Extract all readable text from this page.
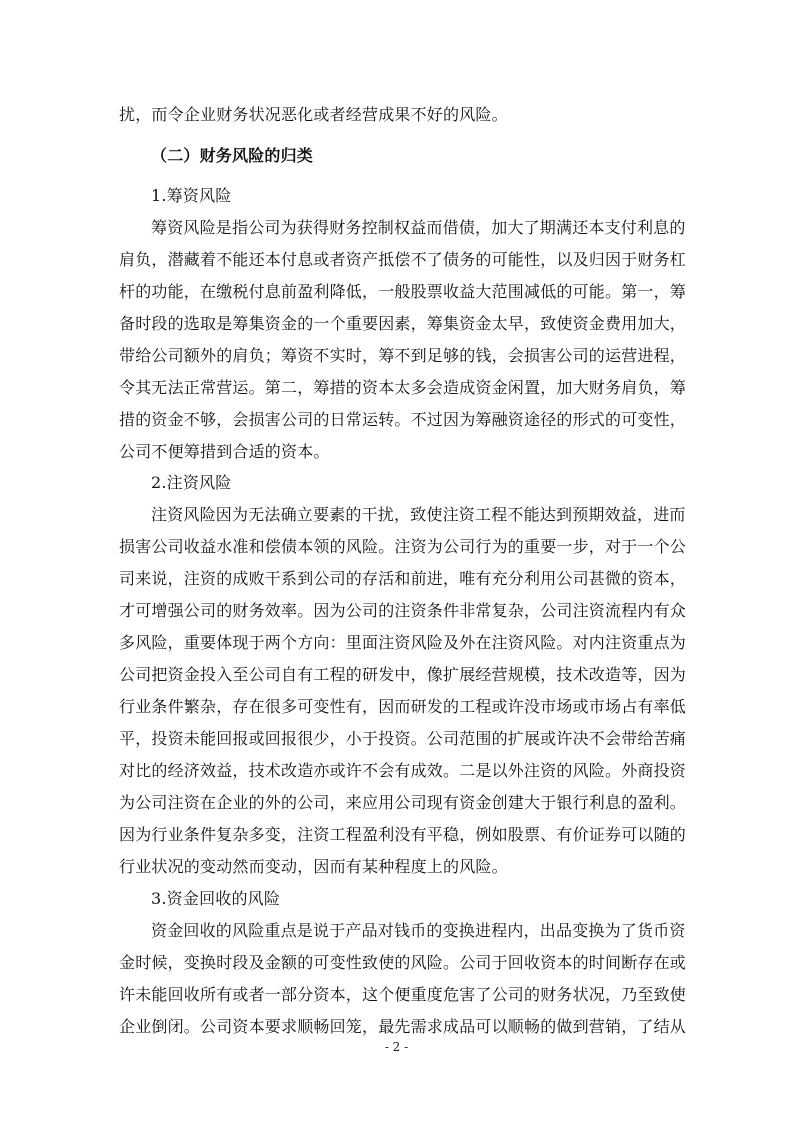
扰，而令企业财务状况恶化或者经营成果不好的风险。
（二）财务风险的归类
1.筹资风险
筹资风险是指公司为获得财务控制权益而借债，加大了期满还本支付利息的
肩负，潜藏着不能还本付息或者资产抵偿不了债务的可能性，以及归因于财务杠
杆的功能，在缴税付息前盈利降低，一般股票收益大范围减低的可能。第一，筹
备时段的选取是筹集资金的一个重要因素，筹集资金太早，致使资金费用加大，
带给公司额外的肩负；筹资不实时，筹不到足够的钱，会损害公司的运营进程，
令其无法正常营运。第二，筹措的资本太多会造成资金闲置，加大财务肩负，筹
措的资金不够，会损害公司的日常运转。不过因为筹融资途径的形式的可变性，
公司不便筹措到合适的资本。
2.注资风险
注资风险因为无法确立要素的干扰，致使注资工程不能达到预期效益，进而
损害公司收益水准和偿债本领的风险。注资为公司行为的重要一步，对于一个公
司来说，注资的成败干系到公司的存活和前进，唯有充分利用公司甚微的资本，
才可增强公司的财务效率。因为公司的注资条件非常复杂，公司注资流程内有众
多风险，重要体现于两个方向：里面注资风险及外在注资风险。对内注资重点为
公司把资金投入至公司自有工程的研发中，像扩展经营规模，技术改造等，因为
行业条件繁杂，存在很多可变性有，因而研发的工程或许没市场或市场占有率低
平，投资未能回报或回报很少，小于投资。公司范围的扩展或许决不会带给苦痛
对比的经济效益，技术改造亦或许不会有成效。二是以外注资的风险。外商投资
为公司注资在企业的外的公司，来应用公司现有资金创建大于银行利息的盈利。
因为行业条件复杂多变，注资工程盈利没有平稳，例如股票、有价证券可以随的
行业状况的变动然而变动，因而有某种程度上的风险。
3.资金回收的风险
资金回收的风险重点是说于产品对钱币的变换进程内，出品变换为了货币资
金时候，变换时段及金额的可变性致使的风险。公司于回收资本的时间断存在或
许未能回收所有或者一部分资本，这个便重度危害了公司的财务状况，乃至致使
企业倒闭。公司资本要求顺畅回笼，最先需求成品可以顺畅的做到营销，了结从
- 2 -
